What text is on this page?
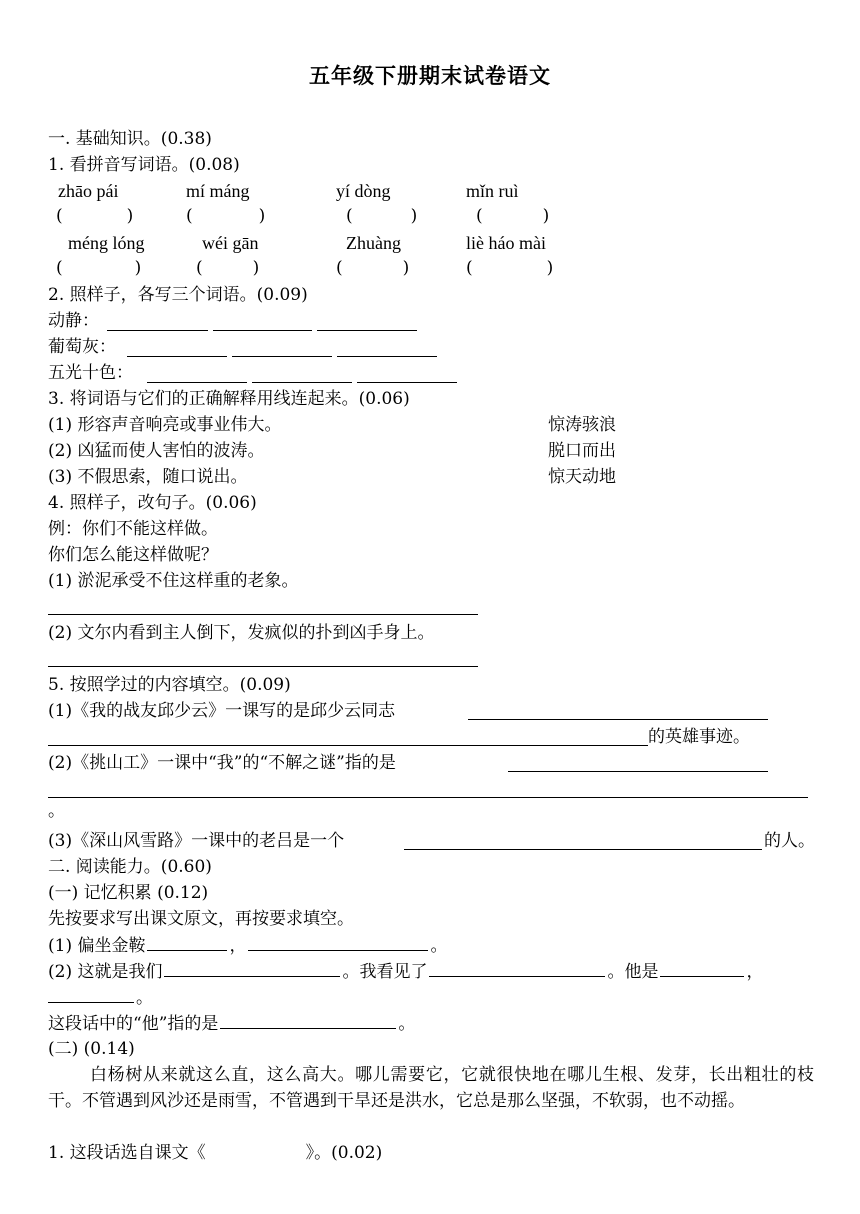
五年级下册期末试卷语文
一. 基础知识。(0.38)
1. 看拼音写词语。(0.08)
zhāo pái	mí máng	yí dòng	mǐn ruì
(	)	(	)	(	)	(	)
méng lóng	wéi gān	Zhuàng	liè háo mài
(	)	(	)	(	)	(	)
2. 照样子，各写三个词语。(0.09)
动静：
葡萄灰：
五光十色：
3. 将词语与它们的正确解释用线连起来。(0.06)
(1) 形容声音响亮或事业伟大。	惊涛骇浪
(2) 凶猛而使人害怕的波涛。	脱口而出
(3) 不假思索，随口说出。	惊天动地
4. 照样子，改句子。(0.06)
例：你们不能这样做。
你们怎么能这样做呢？
(1) 淤泥承受不住这样重的老象。
(2) 文尔内看到主人倒下，发疯似的扑到凶手身上。
5. 按照学过的内容填空。(0.09)
(1)《我的战友邱少云》一课写的是邱少云同志
的英雄事迹。
(2)《挑山工》一课中“我”的“不解之谜”指的是
。
(3)《深山风雪路》一课中的老吕是一个	的人。
二. 阅读能力。(0.60)
(一) 记忆积累 (0.12)
先按要求写出课文原文，再按要求填空。
(1) 偏坐金鞍	，	。
(2) 这就是我们	。我看见了	。他是	，
。
这段话中的“他”指的是	。
(二) (0.14)
白杨树从来就这么直，这么高大。哪儿需要它，它就很快地在哪儿生根、发芽，长出粗壮的枝干。不管遇到风沙还是雨雪，不管遇到干旱还是洪水，它总是那么坚强，不软弱，也不动摇。
1. 这段话选自课文《	》。(0.02)
